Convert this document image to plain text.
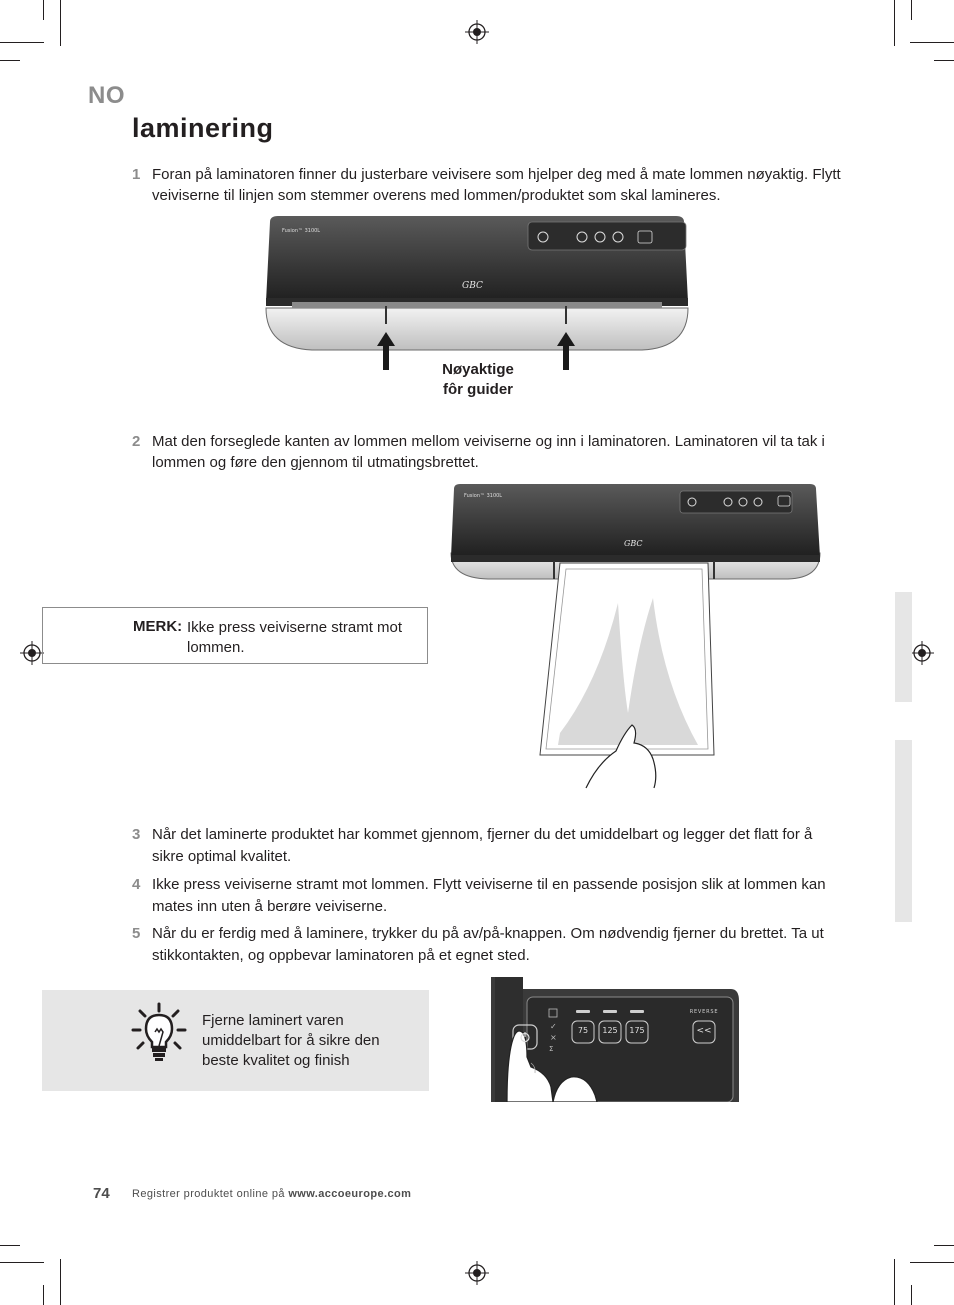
NO
laminering
1 Foran på laminatoren finner du justerbare veivisere som hjelper deg med å mate lommen nøyaktig. Flytt veiviserne til linjen som stemmer overens med lommen/produktet som skal lamineres.
Fusion™ 3100L
GBC
Nøyaktige
fôr guider
2 Mat den forseglede kanten av lommen mellom veiviserne og inn i laminatoren. Laminatoren vil ta tak i lommen og føre den gjennom til utmatingsbrettet.
Fusion™ 3100L
GBC
MERK: Ikke press veiviserne stramt mot lommen.
3 Når det laminerte produktet har kommet gjennom, fjerner du det umiddelbart og legger det flatt for å sikre optimal kvalitet.
4 Ikke press veiviserne stramt mot lommen. Flytt veiviserne til en passende posisjon slik at lommen kan mates inn uten å berøre veiviserne.
5 Når du er ferdig med å laminere, trykker du på av/på-knappen. Om nødvendig fjerner du brettet. Ta ut stikkontakten, og oppbevar laminatoren på et egnet sted.
Fjerne laminert varen umiddelbart for å sikre den beste kvalitet og finish
✓
×
Σ
75	125	175
REVERSE
<<
74 Registrer produktet online på www.accoeurope.com
